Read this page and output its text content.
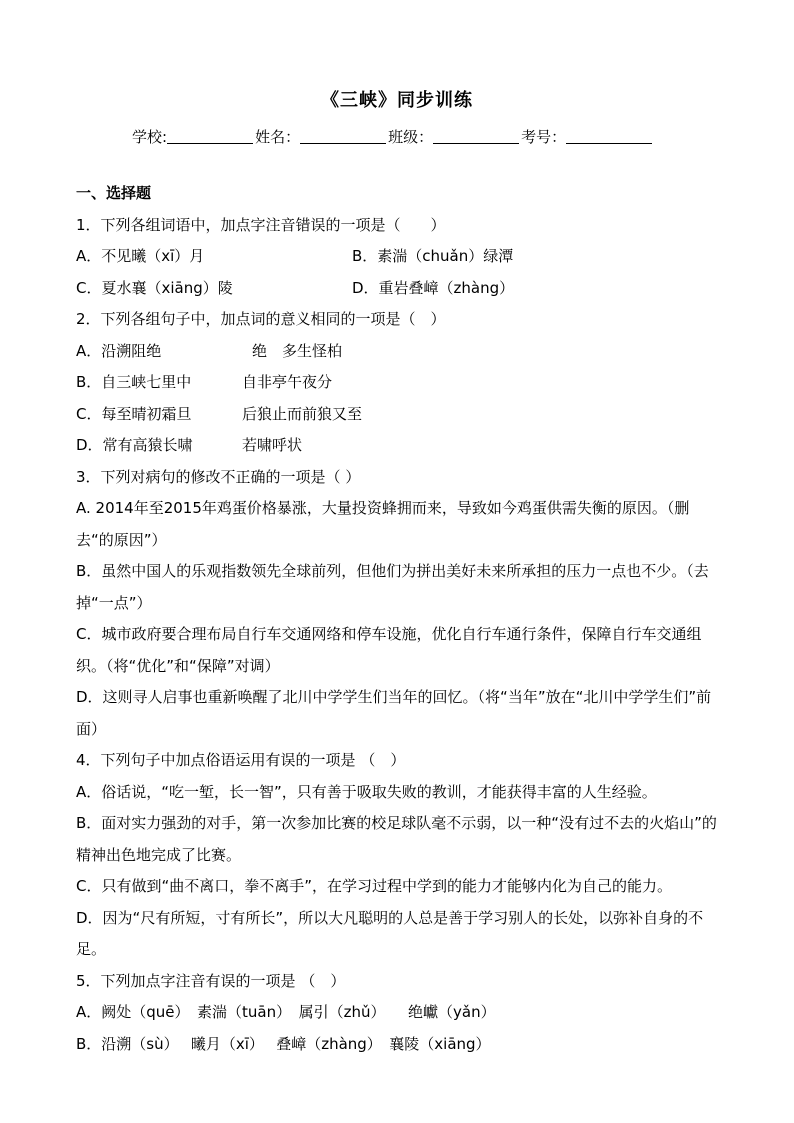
《三峡》同步训练
学校:	姓名：	班级：	考号：
一、选择题
1．下列各组词语中，加点字注音错误的一项是（　　）
A．不见曦（xī）月	B．素湍（chuǎn）绿潭
C．夏水襄（xiāng）陵	D．重岩叠嶂（zhàng）
2．下列各组句子中，加点词的意义相同的一项是（　）
A．沿溯阻绝	绝　多生怪柏
B．自三峡七里中	自非亭午夜分
C．每至晴初霜旦	后狼止而前狼又至
D．常有高猿长啸	若啸呼状
3．下列对病句的修改不正确的一项是（ ）
A. 2014年至2015年鸡蛋价格暴涨，大量投资蜂拥而来，导致如今鸡蛋供需失衡的原因。（删去“的原因”）
B．虽然中国人的乐观指数领先全球前列，但他们为拼出美好未来所承担的压力一点也不少。（去掉“一点”）
C．城市政府要合理布局自行车交通网络和停车设施，优化自行车通行条件，保障自行车交通组织。（将“优化”和“保障”对调）
D．这则寻人启事也重新唤醒了北川中学学生们当年的回忆。（将“当年”放在“北川中学学生们”前面）
4．下列句子中加点俗语运用有误的一项是 （　）
A．俗话说，“吃一堑，长一智”，只有善于吸取失败的教训，才能获得丰富的人生经验。
B．面对实力强劲的对手，第一次参加比赛的校足球队毫不示弱，以一种“没有过不去的火焰山”的精神出色地完成了比赛。
C．只有做到“曲不离口，拳不离手”，在学习过程中学到的能力才能够内化为自己的能力。
D．因为“尺有所短，寸有所长”，所以大凡聪明的人总是善于学习别人的长处，以弥补自身的不足。
5．下列加点字注音有误的一项是 （　）
A．阙处（quē）　素湍（tuān）　属引（zhǔ）　　绝巘（yǎn）
B．沿溯（sù）　 曦月（xī）　 叠嶂（zhàng）　襄陵（xiāng）
